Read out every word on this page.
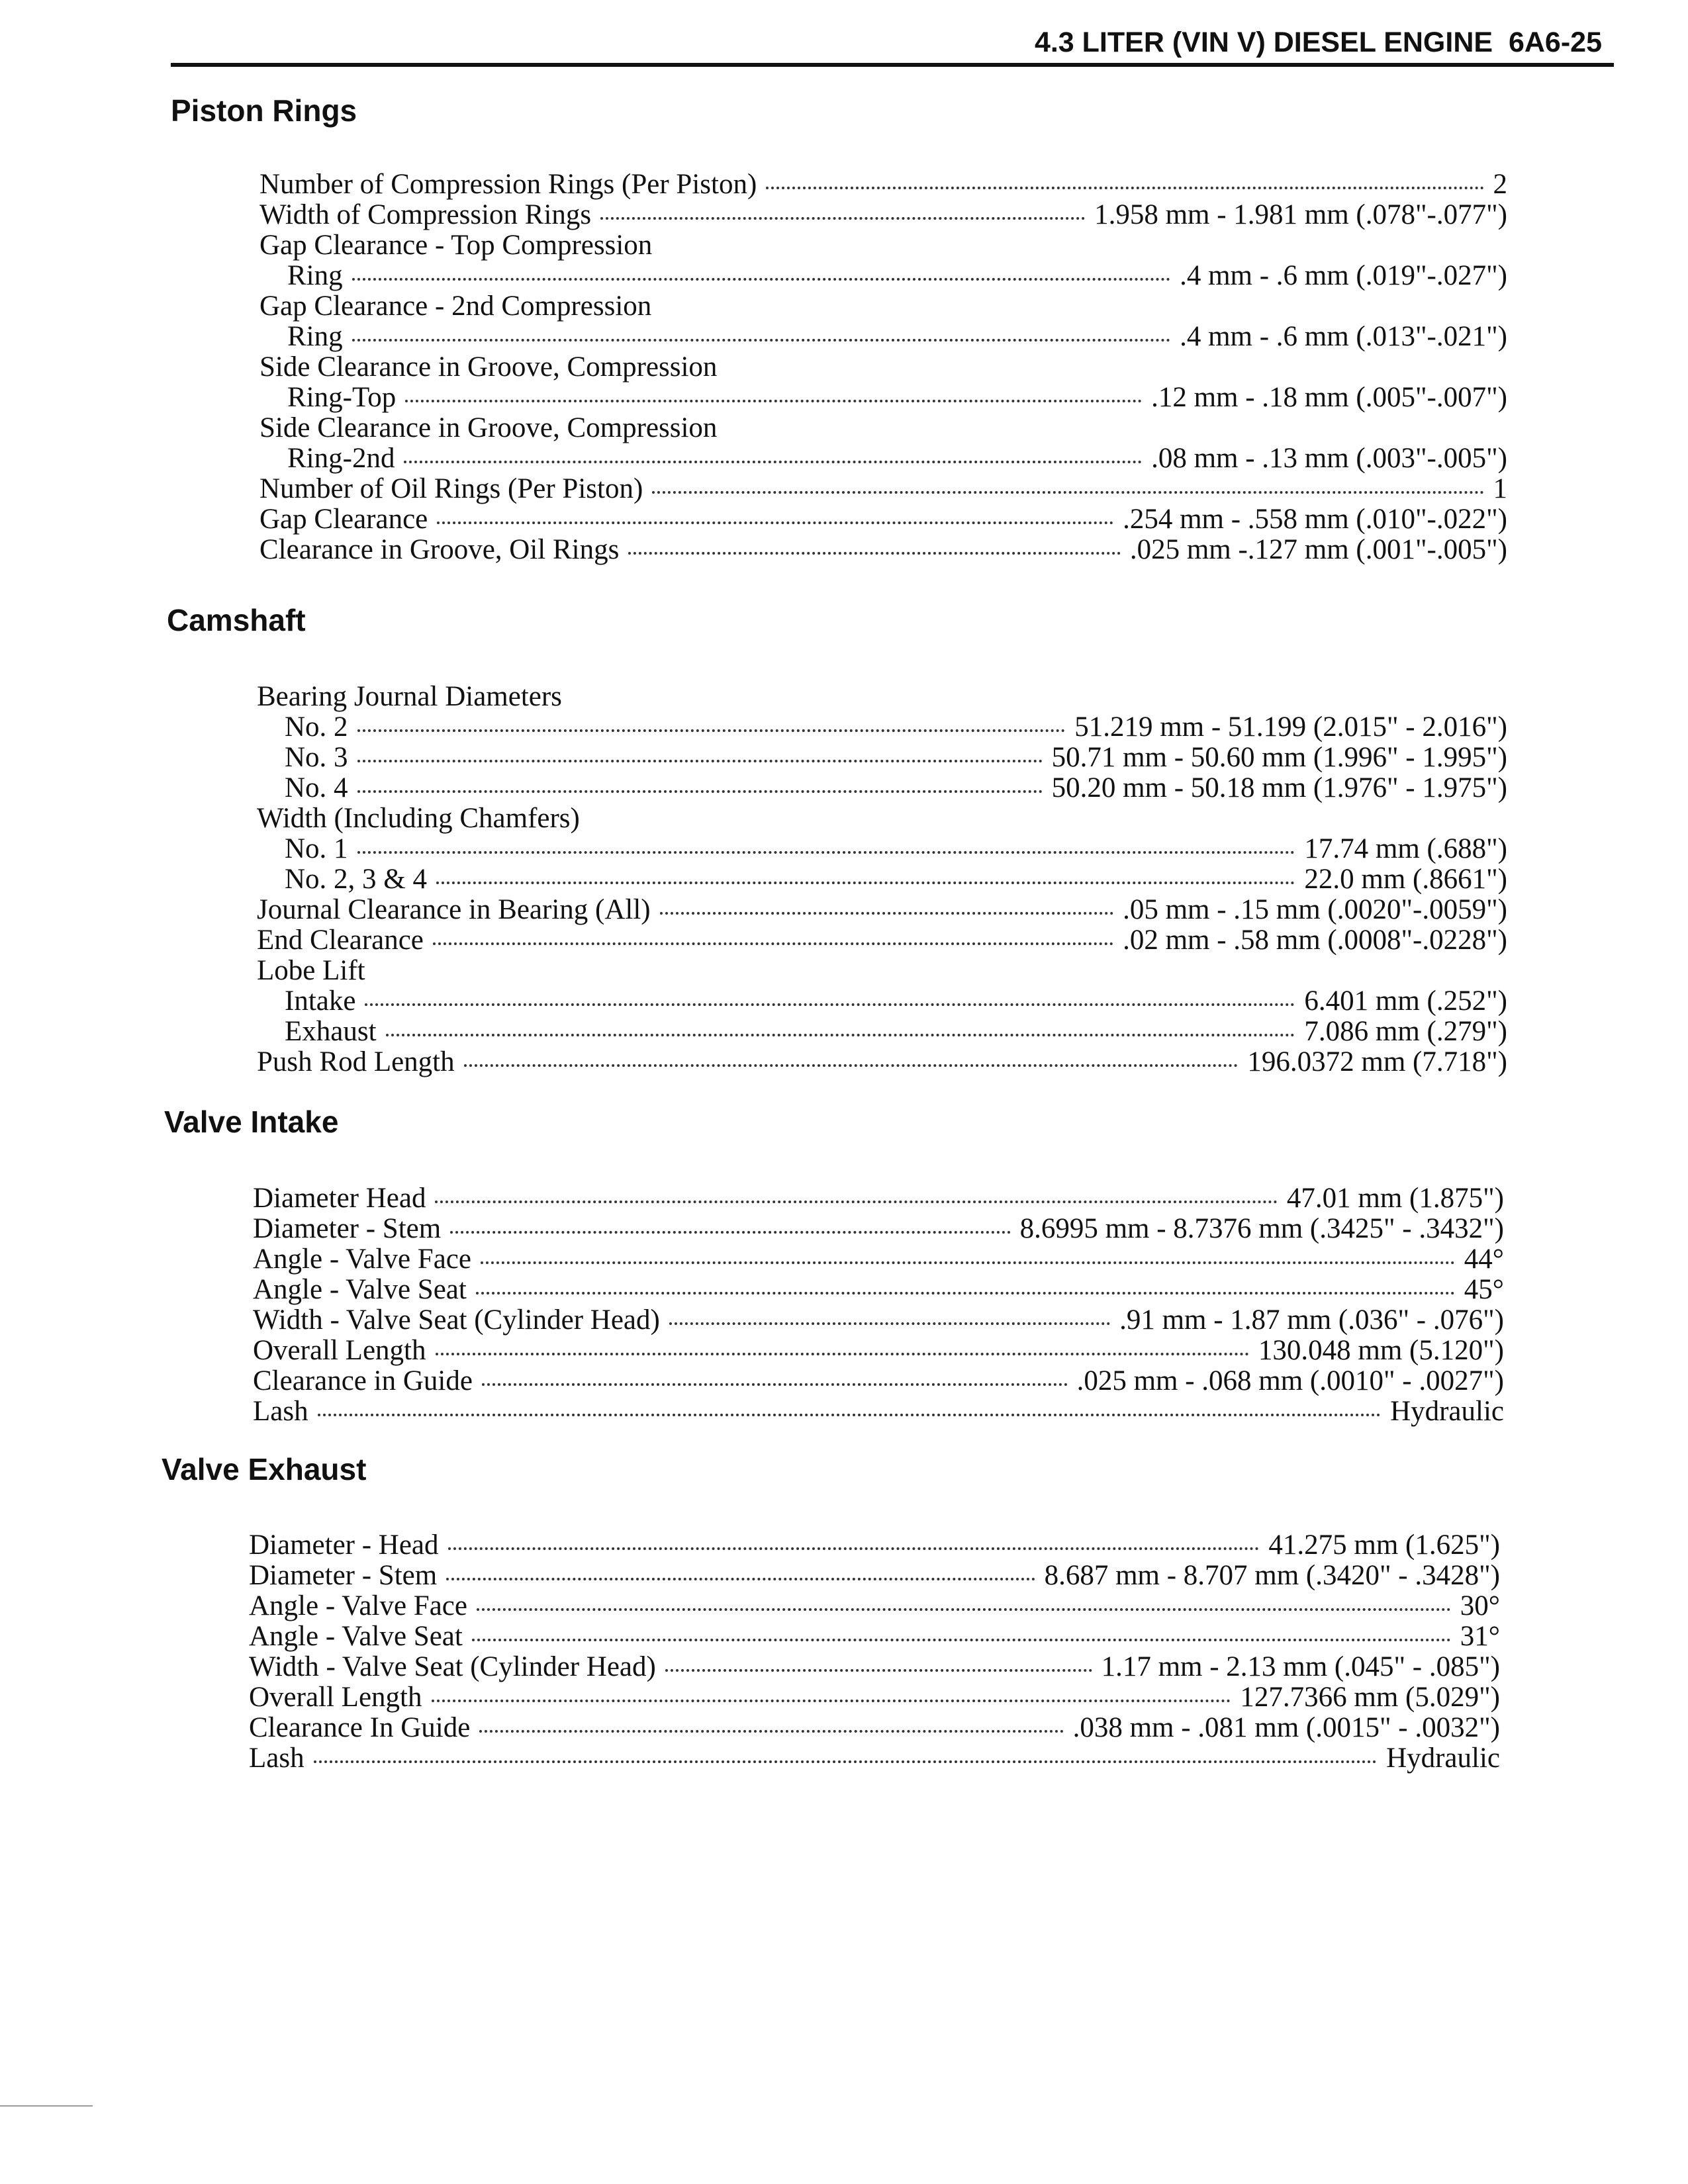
4.3 LITER (VIN V) DIESEL ENGINE 6A6-25
Piston Rings
Number of Compression Rings (Per Piston)	2
Width of Compression Rings	1.958 mm - 1.981 mm (.078"-.077")
Gap Clearance - Top Compression
Ring	.4 mm - .6 mm (.019"-.027")
Gap Clearance - 2nd Compression
Ring	.4 mm - .6 mm (.013"-.021")
Side Clearance in Groove, Compression
Ring-Top	.12 mm - .18 mm (.005"-.007")
Side Clearance in Groove, Compression
Ring-2nd	.08 mm - .13 mm (.003"-.005")
Number of Oil Rings (Per Piston)	1
Gap Clearance	.254 mm - .558 mm (.010"-.022")
Clearance in Groove, Oil Rings	.025 mm -.127 mm (.001"-.005")
Camshaft
Bearing Journal Diameters
No. 2	51.219 mm - 51.199 (2.015" - 2.016")
No. 3	50.71 mm - 50.60 mm (1.996" - 1.995")
No. 4	50.20 mm - 50.18 mm (1.976" - 1.975")
Width (Including Chamfers)
No. 1	17.74 mm (.688")
No. 2, 3 & 4	22.0 mm (.8661")
Journal Clearance in Bearing (All)	.05 mm - .15 mm (.0020"-.0059")
End Clearance	.02 mm - .58 mm (.0008"-.0228")
Lobe Lift
Intake	6.401 mm (.252")
Exhaust	7.086 mm (.279")
Push Rod Length	196.0372 mm (7.718")
Valve Intake
Diameter Head	47.01 mm (1.875")
Diameter - Stem	8.6995 mm - 8.7376 mm (.3425" - .3432")
Angle - Valve Face	44°
Angle - Valve Seat	45°
Width - Valve Seat (Cylinder Head)	.91 mm - 1.87 mm (.036" - .076")
Overall Length	130.048 mm (5.120")
Clearance in Guide	.025 mm - .068 mm (.0010" - .0027")
Lash	Hydraulic
Valve Exhaust
Diameter - Head	41.275 mm (1.625")
Diameter - Stem	8.687 mm - 8.707 mm (.3420" - .3428")
Angle - Valve Face	30°
Angle - Valve Seat	31°
Width - Valve Seat (Cylinder Head)	1.17 mm - 2.13 mm (.045" - .085")
Overall Length	127.7366 mm (5.029")
Clearance In Guide	.038 mm - .081 mm (.0015" - .0032")
Lash	Hydraulic
